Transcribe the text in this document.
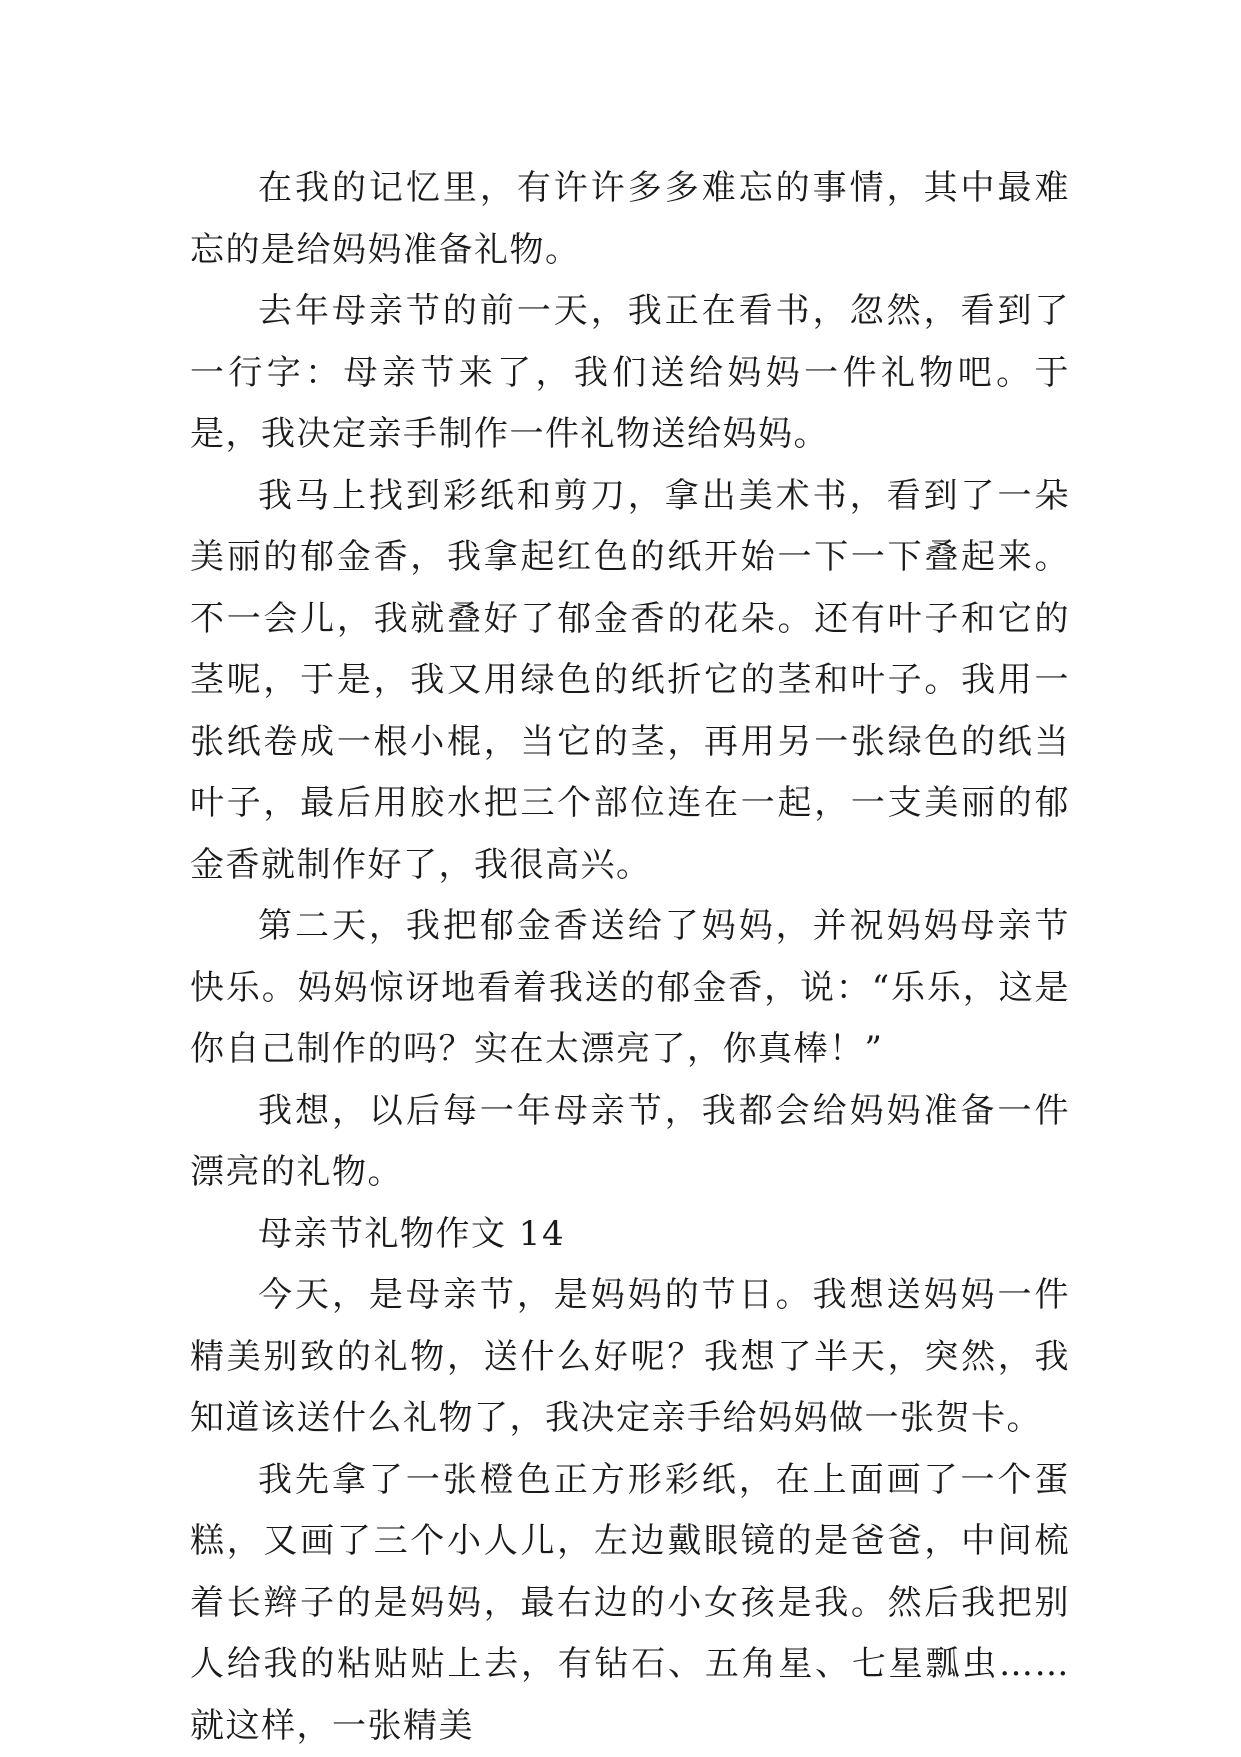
在我的记忆里，有许许多多难忘的事情，其中最难忘的是给妈妈准备礼物。

去年母亲节的前一天，我正在看书，忽然，看到了一行字：母亲节来了，我们送给妈妈一件礼物吧。于是，我决定亲手制作一件礼物送给妈妈。

我马上找到彩纸和剪刀，拿出美术书，看到了一朵美丽的郁金香，我拿起红色的纸开始一下一下叠起来。不一会儿，我就叠好了郁金香的花朵。还有叶子和它的茎呢，于是，我又用绿色的纸折它的茎和叶子。我用一张纸卷成一根小棍，当它的茎，再用另一张绿色的纸当叶子，最后用胶水把三个部位连在一起，一支美丽的郁金香就制作好了，我很高兴。

第二天，我把郁金香送给了妈妈，并祝妈妈母亲节快乐。妈妈惊讶地看着我送的郁金香，说：“乐乐，这是你自己制作的吗？实在太漂亮了，你真棒！”

我想，以后每一年母亲节，我都会给妈妈准备一件漂亮的礼物。

母亲节礼物作文 14

今天，是母亲节，是妈妈的节日。我想送妈妈一件精美别致的礼物，送什么好呢？我想了半天，突然，我知道该送什么礼物了，我决定亲手给妈妈做一张贺卡。

我先拿了一张橙色正方形彩纸，在上面画了一个蛋糕，又画了三个小人儿，左边戴眼镜的是爸爸，中间梳着长辫子的是妈妈，最右边的小女孩是我。然后我把别人给我的粘贴贴上去，有钻石、五角星、七星瓢虫……就这样，一张精美
